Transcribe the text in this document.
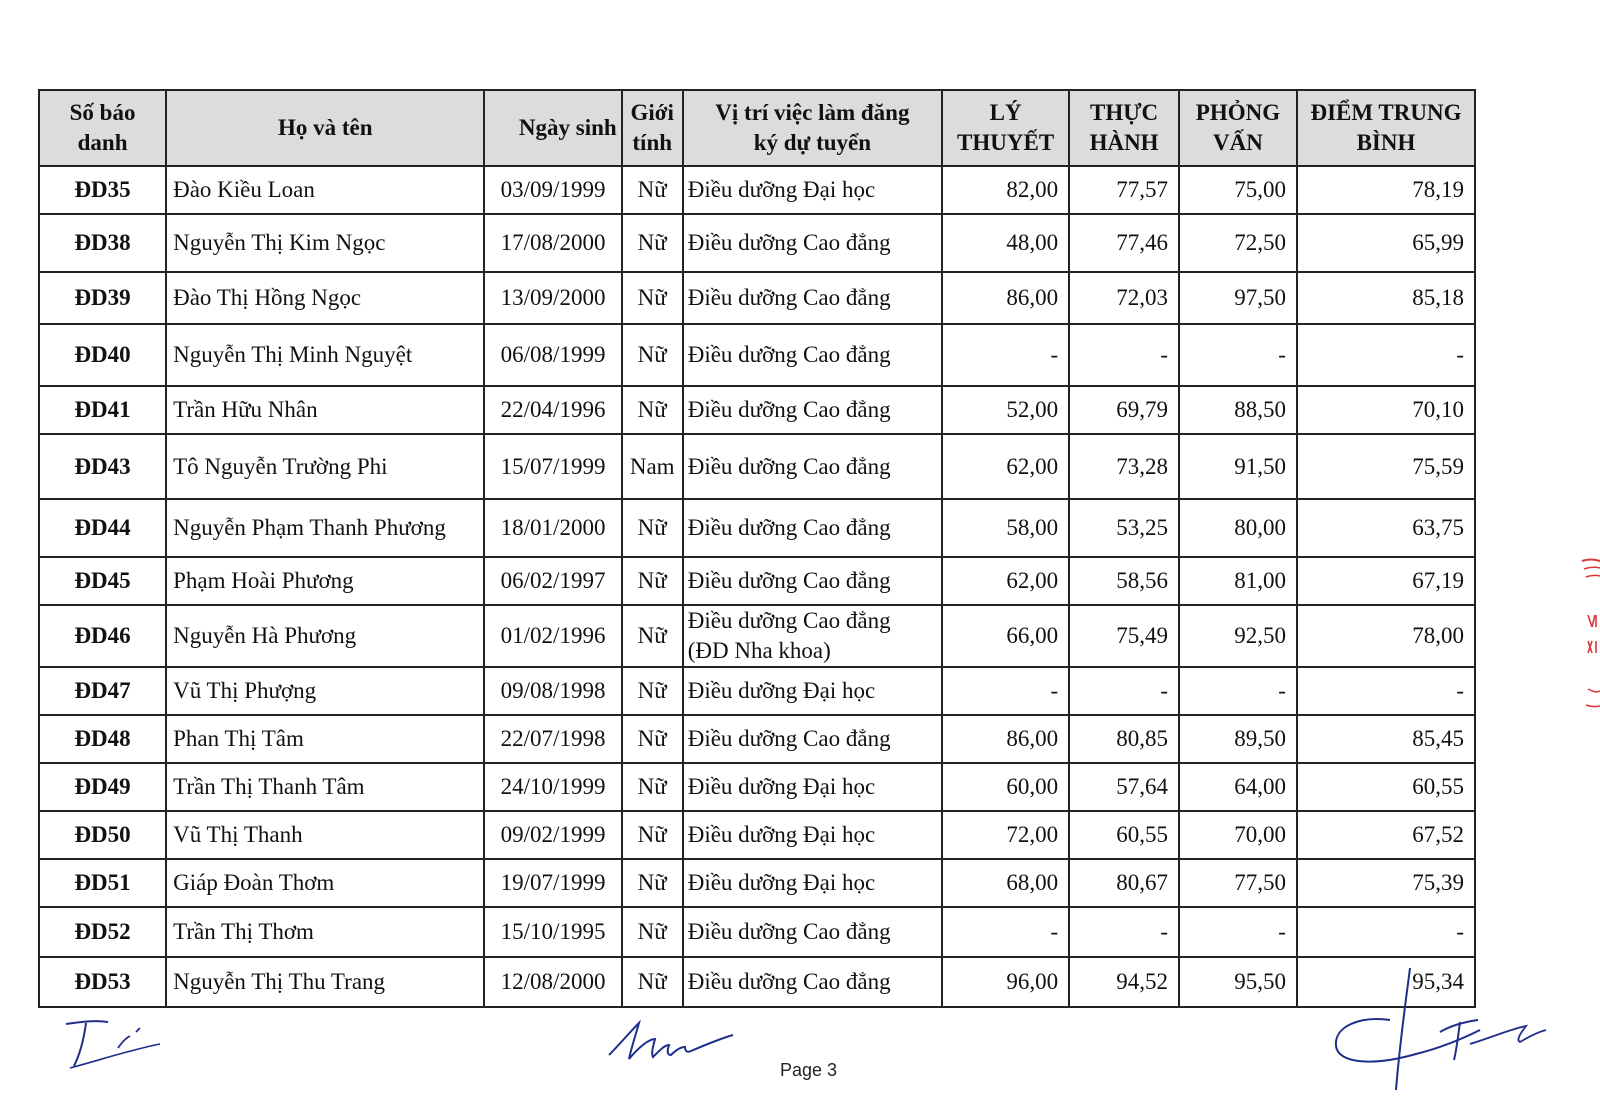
Số báo danh	Họ và tên	Ngày sinh	Giới tính	Vị trí việc làm đăng ký dự tuyển	LÝ THUYẾT	THỰC HÀNH	PHỎNG VẤN	ĐIỂM TRUNG BÌNH
ĐD35	Đào Kiều Loan	03/09/1999	Nữ	Điều dưỡng Đại học	82,00	77,57	75,00	78,19
ĐD38	Nguyễn Thị Kim Ngọc	17/08/2000	Nữ	Điều dưỡng Cao đẳng	48,00	77,46	72,50	65,99
ĐD39	Đào Thị Hồng Ngọc	13/09/2000	Nữ	Điều dưỡng Cao đẳng	86,00	72,03	97,50	85,18
ĐD40	Nguyễn Thị Minh Nguyệt	06/08/1999	Nữ	Điều dưỡng Cao đẳng	-	-	-	-
ĐD41	Trần Hữu Nhân	22/04/1996	Nữ	Điều dưỡng Cao đẳng	52,00	69,79	88,50	70,10
ĐD43	Tô Nguyễn Trường Phi	15/07/1999	Nam	Điều dưỡng Cao đẳng	62,00	73,28	91,50	75,59
ĐD44	Nguyễn Phạm Thanh Phương	18/01/2000	Nữ	Điều dưỡng Cao đẳng	58,00	53,25	80,00	63,75
ĐD45	Phạm Hoài Phương	06/02/1997	Nữ	Điều dưỡng Cao đẳng	62,00	58,56	81,00	67,19
ĐD46	Nguyễn Hà Phương	01/02/1996	Nữ	Điều dưỡng Cao đẳng (ĐD Nha khoa)	66,00	75,49	92,50	78,00
ĐD47	Vũ Thị Phượng	09/08/1998	Nữ	Điều dưỡng Đại học	-	-	-	-
ĐD48	Phan Thị Tâm	22/07/1998	Nữ	Điều dưỡng Cao đẳng	86,00	80,85	89,50	85,45
ĐD49	Trần Thị Thanh Tâm	24/10/1999	Nữ	Điều dưỡng Đại học	60,00	57,64	64,00	60,55
ĐD50	Vũ Thị Thanh	09/02/1999	Nữ	Điều dưỡng Đại học	72,00	60,55	70,00	67,52
ĐD51	Giáp Đoàn Thơm	19/07/1999	Nữ	Điều dưỡng Đại học	68,00	80,67	77,50	75,39
ĐD52	Trần Thị Thơm	15/10/1995	Nữ	Điều dưỡng Cao đẳng	-	-	-	-
ĐD53	Nguyễn Thị Thu Trang	12/08/2000	Nữ	Điều dưỡng Cao đẳng	96,00	94,52	95,50	95,34
Page 3
